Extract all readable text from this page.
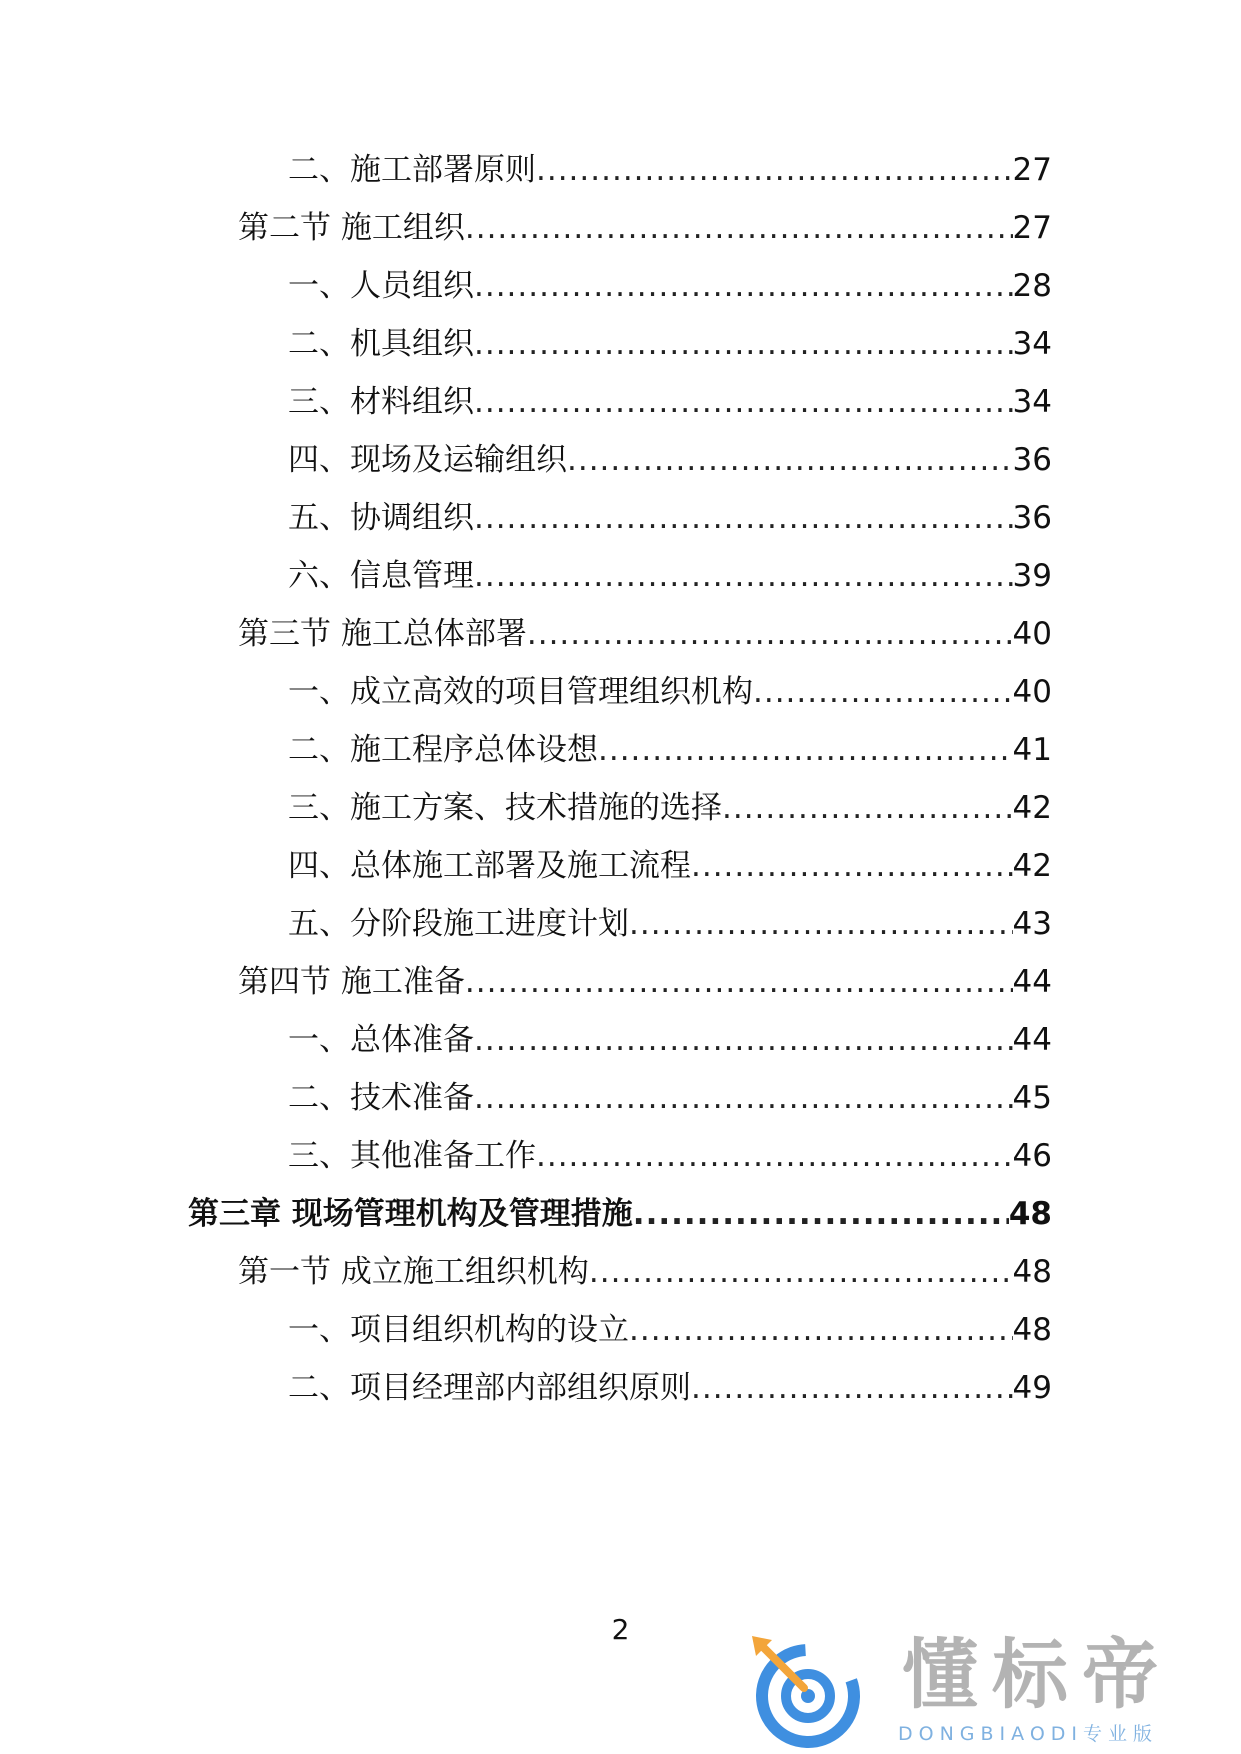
二、施工部署原则 .....	27
第二节 施工组织 .....	27
一、人员组织 .....	28
二、机具组织 .....	34
三、材料组织 .....	34
四、现场及运输组织 .....	36
五、协调组织 .....	36
六、信息管理 .....	39
第三节 施工总体部署 .....	40
一、成立高效的项目管理组织机构 .....	40
二、施工程序总体设想 .....	41
三、施工方案、技术措施的选择 .....	42
四、总体施工部署及施工流程 .....	42
五、分阶段施工进度计划 .....	43
第四节 施工准备 .....	44
一、总体准备 .....	44
二、技术准备 .....	45
三、其他准备工作 .....	46
第三章 现场管理机构及管理措施 .....	48
第一节 成立施工组织机构 .....	48
一、项目组织机构的设立 .....	48
二、项目经理部内部组织原则 .....	49
2
懂标帝
DONGBIAODI专业版
